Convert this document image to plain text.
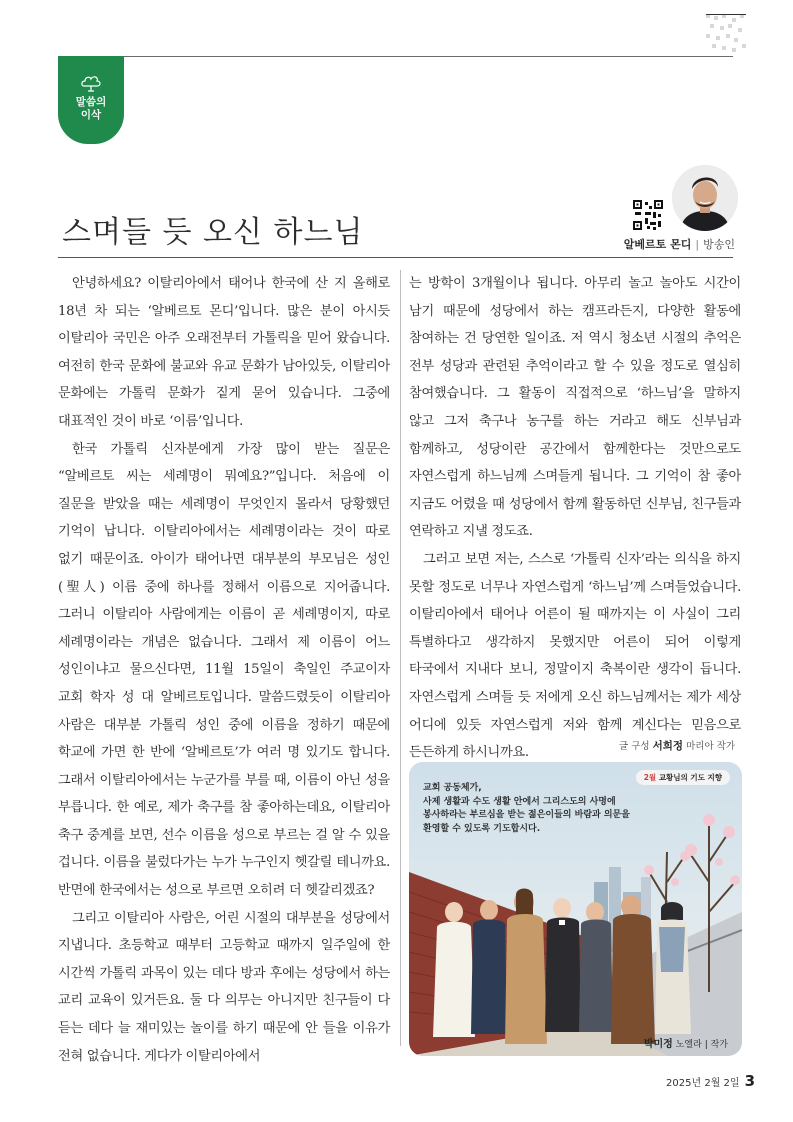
말씀의
이삭
스며들 듯 오신 하느님	알베르토 몬디 | 방송인

안녕하세요? 이탈리아에서 태어나 한국에 산 지 올해로 18년 차 되는 ‘알베르토 몬디’입니다. 많은 분이 아시듯 이탈리아 국민은 아주 오래전부터 가톨릭을 믿어 왔습니다. 여전히 한국 문화에 불교와 유교 문화가 남아있듯, 이탈리아 문화에는 가톨릭 문화가 짙게 묻어 있습니다. 그중에 대표적인 것이 바로 ‘이름’입니다.

한국 가톨릭 신자분에게 가장 많이 받는 질문은 “알베르토 씨는 세례명이 뭐예요?”입니다. 처음에 이 질문을 받았을 때는 세례명이 무엇인지 몰라서 당황했던 기억이 납니다. 이탈리아에서는 세례명이라는 것이 따로 없기 때문이죠. 아이가 태어나면 대부분의 부모님은 성인(聖人) 이름 중에 하나를 정해서 이름으로 지어줍니다. 그러니 이탈리아 사람에게는 이름이 곧 세례명이지, 따로 세례명이라는 개념은 없습니다. 그래서 제 이름이 어느 성인이냐고 물으신다면, 11월 15일이 축일인 주교이자 교회 학자 성 대 알베르토입니다. 말씀드렸듯이 이탈리아 사람은 대부분 가톨릭 성인 중에 이름을 정하기 때문에 학교에 가면 한 반에 ‘알베르토’가 여러 명 있기도 합니다. 그래서 이탈리아에서는 누군가를 부를 때, 이름이 아닌 성을 부릅니다. 한 예로, 제가 축구를 참 좋아하는데요, 이탈리아 축구 중계를 보면, 선수 이름을 성으로 부르는 걸 알 수 있을 겁니다. 이름을 불렀다가는 누가 누구인지 헷갈릴 테니까요. 반면에 한국에서는 성으로 부르면 오히려 더 헷갈리겠죠?

그리고 이탈리아 사람은, 어린 시절의 대부분을 성당에서 지냅니다. 초등학교 때부터 고등학교 때까지 일주일에 한 시간씩 가톨릭 과목이 있는 데다 방과 후에는 성당에서 하는 교리 교육이 있거든요. 둘 다 의무는 아니지만 친구들이 다 듣는 데다 늘 재미있는 놀이를 하기 때문에 안 들을 이유가 전혀 없습니다. 게다가 이탈리아에서

는 방학이 3개월이나 됩니다. 아무리 놀고 놀아도 시간이 남기 때문에 성당에서 하는 캠프라든지, 다양한 활동에 참여하는 건 당연한 일이죠. 저 역시 청소년 시절의 추억은 전부 성당과 관련된 추억이라고 할 수 있을 정도로 열심히 참여했습니다. 그 활동이 직접적으로 ‘하느님’을 말하지 않고 그저 축구나 농구를 하는 거라고 해도 신부님과 함께하고, 성당이란 공간에서 함께한다는 것만으로도 자연스럽게 하느님께 스며들게 됩니다. 그 기억이 참 좋아 지금도 어렸을 때 성당에서 함께 활동하던 신부님, 친구들과 연락하고 지낼 정도죠.

그러고 보면 저는, 스스로 ‘가톨릭 신자’라는 의식을 하지 못할 정도로 너무나 자연스럽게 ‘하느님’께 스며들었습니다. 이탈리아에서 태어나 어른이 될 때까지는 이 사실이 그리 특별하다고 생각하지 못했지만 어른이 되어 이렇게 타국에서 지내다 보니, 정말이지 축복이란 생각이 듭니다. 자연스럽게 스며들 듯 저에게 오신 하느님께서는 제가 세상 어디에 있듯 자연스럽게 저와 함께 계신다는 믿음으로 든든하게 하시니까요.	글 구성 서희정 마리아 작가
2월 교황님의 기도 지향
교회 공동체가,
사제 생활과 수도 생활 안에서 그리스도의 사명에
봉사하라는 부르심을 받는 젊은이들의 바람과 의문을
환영할 수 있도록 기도합시다.
박미정 노엘라 | 작가
2025년 2월 2일 3
